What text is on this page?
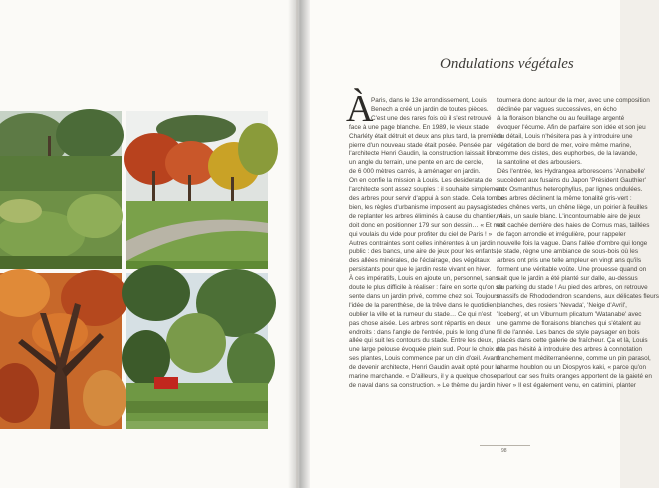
Ondulations végétales
À
Paris, dans le 13e arrondissement, Louis
Benech a créé un jardin de toutes pièces.
C'est une des rares fois où il s'est retrouvé
face à une page blanche. En 1989, le vieux stade
Charléty était détruit et deux ans plus tard, la première
pierre d'un nouveau stade était posée. Pensée par
l'architecte Henri Gaudin, la construction laissait libre
un angle du terrain, une pente en arc de cercle,
de 6 000 mètres carrés, à aménager en jardin.
On en confie la mission à Louis. Les desiderata de
l'architecte sont assez souples : il souhaite simplement
des arbres pour servir d'appui à son stade. Cela tombe
bien, les règles d'urbanisme imposent au paysagiste
de replanter les arbres éliminés à cause du chantier, 4
doit donc en positionner 179 sur son dessin… « Et moi
qui voulais du vide pour profiter du ciel de Paris ! »
Autres contraintes sont celles inhérentes à un jardin
public : des bancs, une aire de jeux pour les enfants,
des allées minérales, de l'éclairage, des végétaux
persistants pour que le jardin reste vivant en hiver.
À ces impératifs, Louis en ajoute un, personnel, sans
doute le plus difficile à réaliser : faire en sorte qu'on se
sente dans un jardin privé, comme chez soi. Toujours
l'idée de la parenthèse, de la trêve dans le quotidien,
oublier la ville et la rumeur du stade… Ce qui n'est
pas chose aisée. Les arbres sont répartis en deux
endroits : dans l'angle de l'entrée, puis le long d'une
allée qui suit les contours du stade. Entre les deux,
une large pelouse évoquée plein sud. Pour le choix de
ses plantes, Louis commence par un clin d'œil. Avant
de devenir architecte, Henri Gaudin avait opté pour la
marine marchande. « D'ailleurs, il y a quelque chose
de naval dans sa construction. » Le thème du jardin
tournera donc autour de la mer, avec une composition
déclinée par vagues successives, en écho
à la floraison blanche ou au feuillage argenté
évoquer l'écume. Afin de parfaire son idée et son jeu
du détail, Louis n'hésitera pas à y introduire une
végétation de bord de mer, voire même marine,
comme des cistes, des euphorbes, de la lavande,
la santoline et des arbousiers.
Dès l'entrée, les Hydrangea arborescens 'Annabelle'
succèdent aux fusains du Japon 'Président Gauthier'
aux Osmanthus heterophyllus, par lignes ondulées.
Les arbres déclinent la même tonalité gris-vert :
des chênes verts, un chêne liège, un poirier à feuilles
mais, un saule blanc. L'incontournable aire de jeux
est cachée derrière des haies de Cornus mas, taillées
de façon arrondie et irrégulière, pour rappeler
nouvelle fois la vague. Dans l'allée d'ombre qui longe
le stade, règne une ambiance de sous-bois où les
arbres ont pris une telle ampleur en vingt ans qu'ils
forment une véritable voûte. Une prouesse quand on
sait que le jardin a été planté sur dalle, au-dessus
du parking du stade ! Au pied des arbres, on retrouve
massifs de Rhododendron scandens, aux délicates fleurs
blanches, des rosiers 'Nevada', 'Neige d'Avril',
'Iceberg', et un Viburnum plicatum 'Watanabe' avec
une gamme de floraisons blanches qui s'étalent au
fil de l'année. Les bancs de style paysager en bois
placés dans cette galerie de fraîcheur. Ça et là, Louis
n'a pas hésité à introduire des arbres à connotation
franchement méditerranéenne, comme un pin parasol,
charme houblon ou un Diospyros kaki, « parce qu'on
parlout car ses fruits oranges apportent de la gaieté en
hiver » Il est également venu, en catimini, planter
98
